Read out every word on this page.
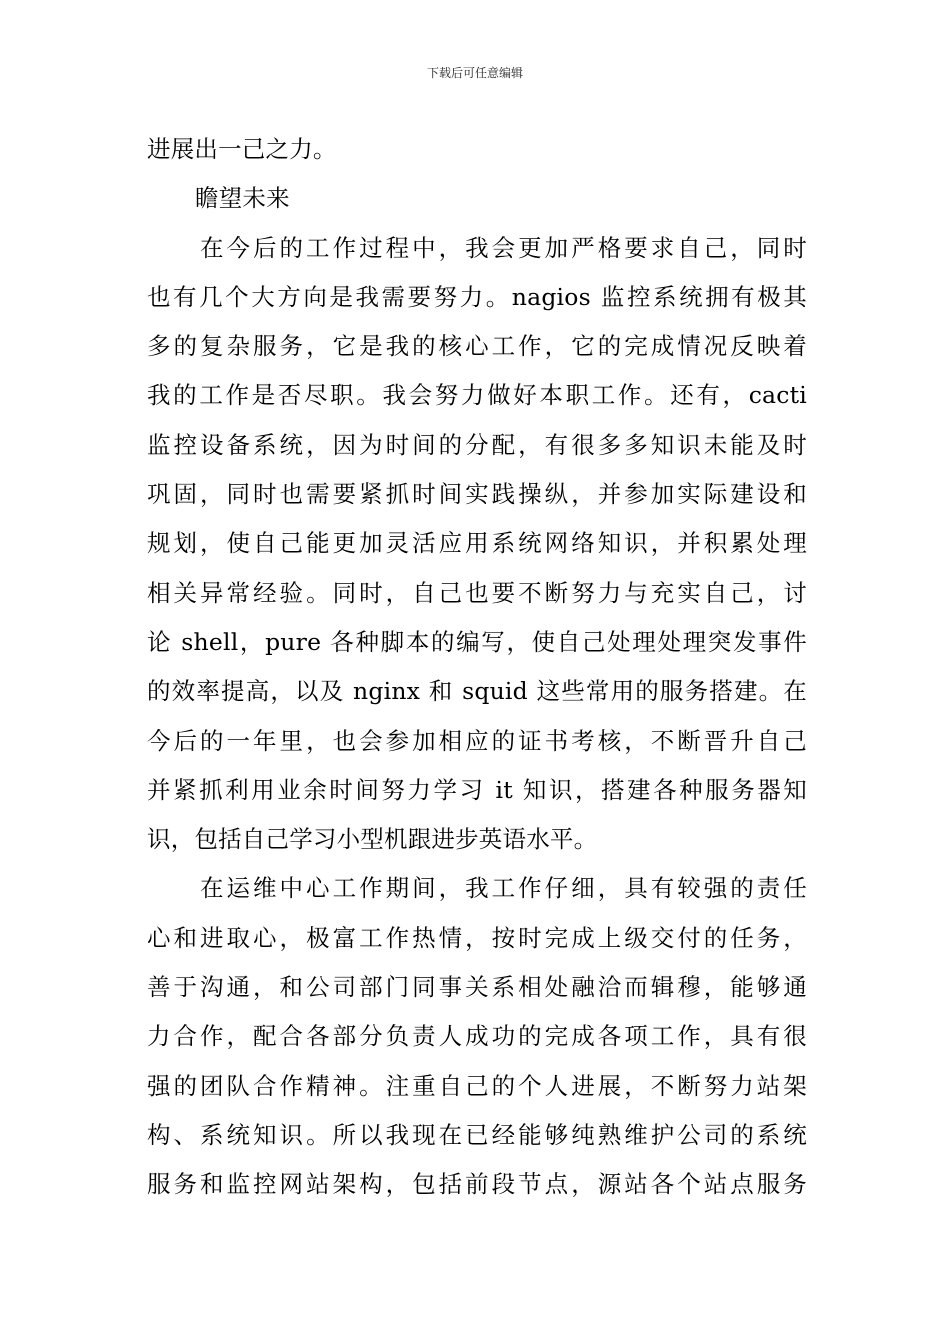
下载后可任意编辑
进展出一己之力。
瞻望未来
在今后的工作过程中，我会更加严格要求自己，同时
也有几个大方向是我需要努力。nagios 监控系统拥有极其
多的复杂服务，它是我的核心工作，它的完成情况反映着
我的工作是否尽职。我会努力做好本职工作。还有，cacti
监控设备系统，因为时间的分配，有很多多知识未能及时
巩固，同时也需要紧抓时间实践操纵，并参加实际建设和
规划，使自己能更加灵活应用系统网络知识，并积累处理
相关异常经验。同时，自己也要不断努力与充实自己，讨
论 shell，pure 各种脚本的编写，使自己处理处理突发事件
的效率提高，以及 nginx 和 squid 这些常用的服务搭建。在
今后的一年里，也会参加相应的证书考核，不断晋升自己
并紧抓利用业余时间努力学习 it 知识，搭建各种服务器知
识，包括自己学习小型机跟进步英语水平。
在运维中心工作期间，我工作仔细，具有较强的责任
心和进取心，极富工作热情，按时完成上级交付的任务，
善于沟通，和公司部门同事关系相处融洽而辑穆，能够通
力合作，配合各部分负责人成功的完成各项工作，具有很
强的团队合作精神。注重自己的个人进展，不断努力站架
构、系统知识。所以我现在已经能够纯熟维护公司的系统
服务和监控网站架构，包括前段节点，源站各个站点服务
